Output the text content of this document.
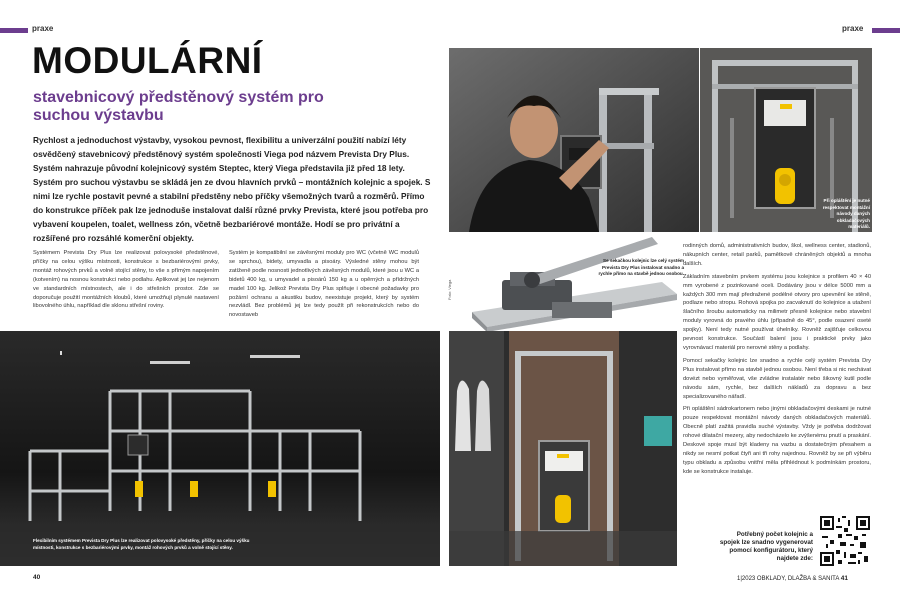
praxe	praxe
MODULÁRNÍ
stavebnicový předstěnový systém pro suchou výstavbu

Rychlost a jednoduchost výstavby, vysokou pevnost, flexibilitu a univerzální použití nabízí léty osvědčený stavebnicový předstěnový systém společnosti Viega pod názvem Prevista Dry Plus. Systém nahrazuje původní kolejnicový systém Steptec, který Viega představila již před 18 lety. Systém pro suchou výstavbu se skládá jen ze dvou hlavních prvků – montážních kolejnic a spojek. S nimi lze rychle postavit pevné a stabilní předstěny nebo příčky všemožných tvarů a rozměrů. Přímo do konstrukce příček pak lze jednoduše instalovat další různé prvky Prevista, které jsou potřeba pro vybavení koupelen, toalet, wellness zón, včetně bezbariérové montáže. Hodí se pro privátní a rozšířené pro rozsáhlé komerční objekty.

Systémem Prevista Dry Plus lze realizovat polovysoké předstěnové, příčky na celou výšku místnosti, konstrukce s bezbariérovými prvky, montáž rohových prvků a volně stojící stěny, to vše s přímým napojením (kotvením) na nosnou konstrukci nebo podlahu. Aplikovat jej lze nejenom ve standardních místnostech, ale i do střešních prostor. Zde se doporučuje použití montážních kloubů, které umožňují plynulé nastavení libovolného úhlu, například dle sklonu střešní roviny.

Systém je kompatibilní se závěsnými moduly pro WC (včetně WC modulů se sprchou), bidety, umyvadla a pisoáry. Výsledné stěny mohou být zatíženě podle nosnosti jednotlivých závěsných modulů, které jsou u WC a bidetů 400 kg, u umyvadel a pisoárů 150 kg a u opěrných a přídržných madel 100 kg. Jelikož Prevista Dry Plus splňuje i obecné požadavky pro požární ochranu a akustiku budov, neexistuje projekt, který by systém nezvládl. Bez problémů jej lze tedy použít při rekonstrukcích nebo do novostaveb

Při opláštění je nutné respektovat montážní návody daných obkladačových materiálů.
Se sekačkou kolejnic lze celý systém Prevista Dry Plus instalovat snadno a rychle přímo na stavbě jednou osobou.
Foto: Viega

rodinných domů, administrativních budov, škol, wellness center, stadionů, nákupních center, retail parků, pamětkově chráněných objektů a mnoha dalších.

Základním stavebním prvkem systému jsou kolejnice s profilem 40 × 40 mm vyrobené z pozinkované oceli. Dodávány jsou v délce 5000 mm a každých 300 mm mají předražené podélné otvory pro upevnění ke stěně, podlaze nebo stropu. Rohová spojka po zacvaknutí do kolejnice a utažení šlačního šroubu automaticky na milimetr přesně kolejnice nebo stavební moduly vyrovná do pravého úhlu (případně do 45°, podle osazení oseté spojky). Není tedy nutné používat úhelníky. Rovněž zajišťuje celkovou pevnost konstrukce. Součástí balení jsou i praktické prvky jako vyrovnávací materiál pro nerovné stěny a podlahy.

Pomocí sekačky kolejnic lze snadno a rychle celý systém Prevista Dry Plus instalovat přímo na stavbě jednou osobou. Není třeba si nic nechávat dovézt nebo vyměřovat, vše zvládne instalatér nebo šikovný kutil podle návodu sám, rychle, bez dalších nákladů za dopravu a bez specializovaného nářadí.

Při opláštění sádrokartonem nebo jinými obkladačovými deskami je nutné pouze respektovat montážní návody daných obkladačových materiálů. Obecně platí zažitá pravidla suché výstavby. Vždy je potřeba dodržovat rohové dilatační mezery, aby nedocházelo ke zvýšenému pnutí a praskání. Deskové spoje musí být kladeny na vazbu a dostatečným přesahem a nikdy se nesmí potkat čtyři ani tři rohy najednou. Rovněž by se při výběru typu obkladu a způsobu vnitřní měla přihlédnout k podmínkám prostoru, kde se konstrukce instaluje.

Flexibilním systémem Prevista Dry Plus lze realizovat polovysoké předstěny, příčky na celou výšku místnosti, konstrukce s bezbariérovými prvky, montáž rohových prvků a volně stojící stěny.
Potřebný počet kolejnic a spojek lze snadno vygenerovat pomocí konfigurátoru, který najdete zde:
40	1|2023 OBKLADY, DLAŽBA & SANITA 41
